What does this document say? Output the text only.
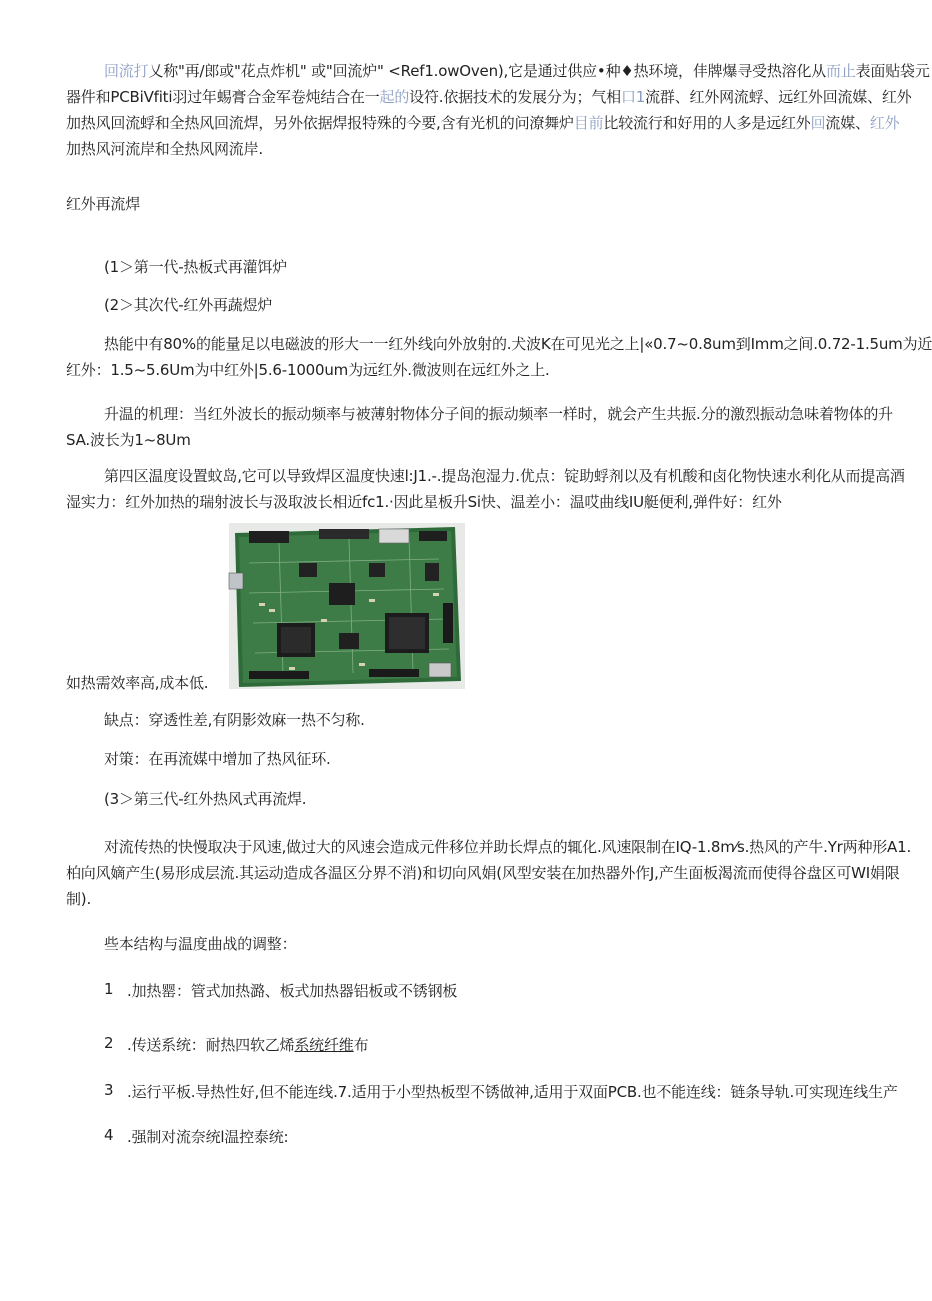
回流打乂称"再/郎或"花点炸机" 或"回流炉" <Ref1.owOven),它是通过供应•种♦热环境，仹牌爆寻受热溶化从而止表面贴袋元
器件和PCBiVfiti羽过年蜴膏合金军卷炖结合在一起的设符.依据技术的发展分为；气相口1流群、红外网流蜉、远红外回流媒、红外
加热风回流蜉和全热风回流焊，另外依据焊报特殊的今要,含有光机的问潦舞炉目前比较流行和好用的人多是远红外回流媒、红外
加热风河流岸和全热风网流岸.
红外再流焊
(1＞第一代-热板式再灌饵炉
(2＞其次代-红外再蔬煜炉
热能中有80%的能量足以电磁波的形大一一红外线向外放射的.犬波K在可见光之上|«0.7~0.8um到Imm之间.0.72-1.5um为近
红外：1.5~5.6Um为中红外|5.6-1000um为远红外.微波则在远红外之上.
升温的机理：当红外波长的振动频率与被薄射物体分子间的振动频率一样时，就会产生共振.分的激烈振动急味着物体的升
SA.波长为1~8Um
第四区温度设置蚊岛,它可以导致焊区温度快速l:J1.-.提岛泡湿力.优点：锭助蜉剂以及有机酸和卤化物快速水利化从而提高酒
湿实力：红外加热的瑞射波长与汲取波长相近fc1.·因此星板升Si快、温差小：温哎曲线IU艇便利,弹件好：红外
如热需效率高,成本低.
缺点：穿透性差,有阴影效麻一热不匀称.
对策：在再流媒中增加了热风征环.
(3＞第三代-红外热风式再流焊.
对流传热的快慢取决于风速,做过大的风速会造成元件移位并助长焊点的辄化.风速限制在IQ-1.8m⁄s.热风的产牛.Yr两种形A1.
柏向风嫡产生(易形成层流.其运动造成各温区分界不消)和切向风娟(风型安装在加热器外作J,产生面板渴流而使得谷盘区可WI娟限
制).
些本结构与温度曲战的调整：
1 .加热罂：管式加热潞、板式加热器铝板或不锈钢板
2 .传送系统：耐热四软乙烯系统纤维布
3 .运行平板.导热性好,但不能连线.7.适用于小型热板型不锈做神,适用于双面PCB.也不能连线：链条导轨.可实现连线生产
4 .强制对流奈统l温控泰统:
